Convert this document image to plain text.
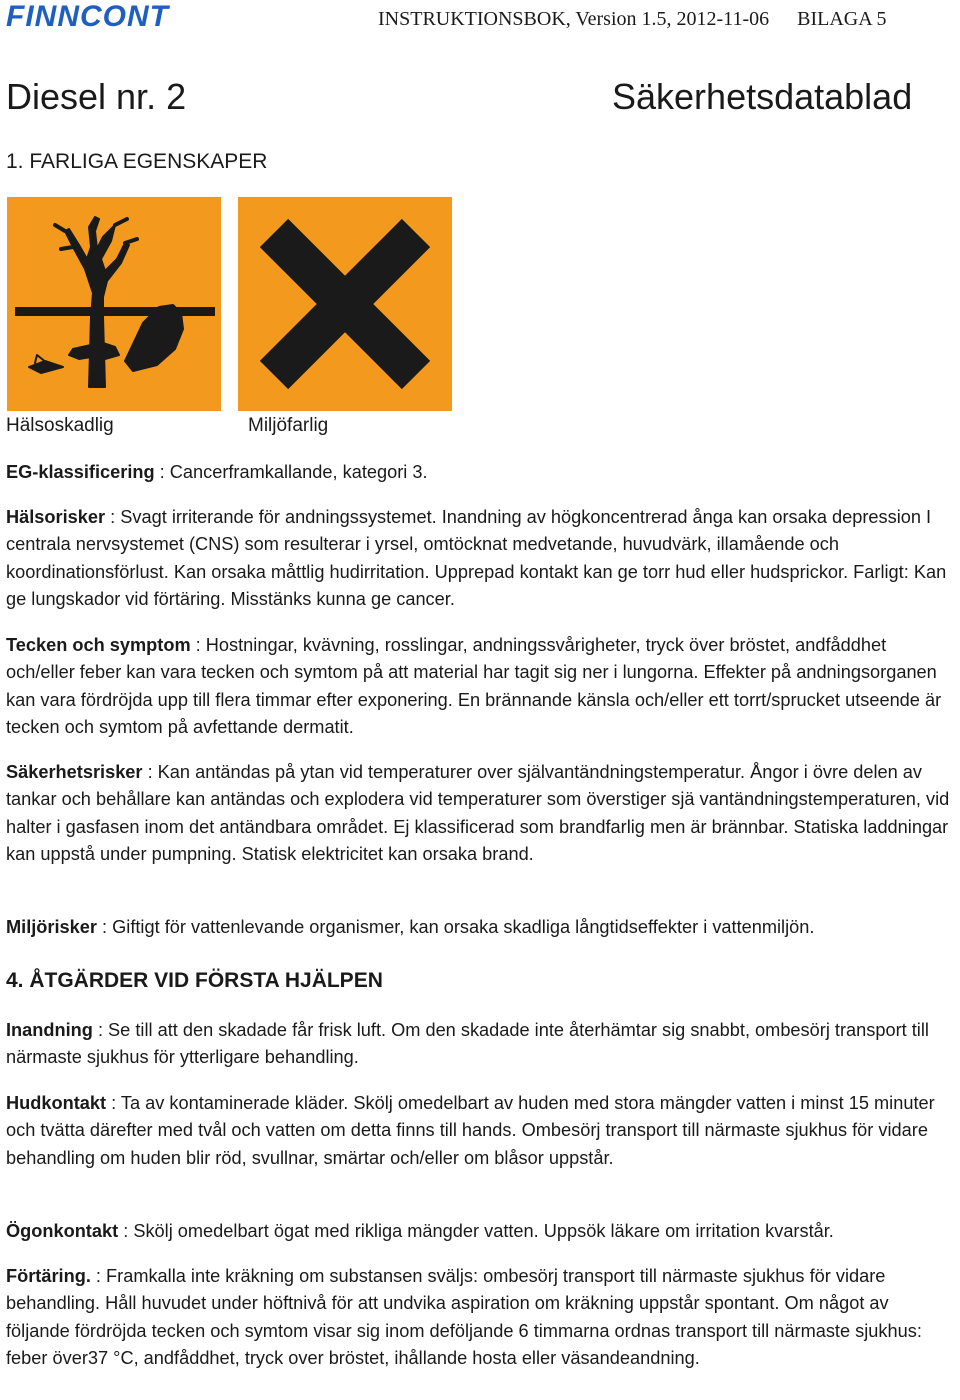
FINNCONT	INSTRUKTIONSBOK, Version 1.5, 2012-11-06 BILAGA 5
Diesel nr. 2	Säkerhetsdatablad
1. FARLIGA EGENSKAPER
Hälsoskadlig	Miljöfarlig
EG-klassificering : Cancerframkallande, kategori 3.
Hälsorisker : Svagt irriterande för andningssystemet. Inandning av högkoncentrerad ånga kan orsaka depression I centrala nervsystemet (CNS) som resulterar i yrsel, omtöcknat medvetande, huvudvärk, illamående och koordinationsförlust. Kan orsaka måttlig hudirritation. Upprepad kontakt kan ge torr hud eller hudsprickor. Farligt: Kan ge lungskador vid förtäring. Misstänks kunna ge cancer.
Tecken och symptom : Hostningar, kvävning, rosslingar, andningssvårigheter, tryck över bröstet, andfåddhet och/eller feber kan vara tecken och symtom på att material har tagit sig ner i lungorna. Effekter på andningsorganen kan vara fördröjda upp till flera timmar efter exponering. En brännande känsla och/eller ett torrt/sprucket utseende är tecken och symtom på avfettande dermatit.
Säkerhetsrisker : Kan antändas på ytan vid temperaturer over självantändningstemperatur. Ångor i övre delen av tankar och behållare kan antändas och explodera vid temperaturer som överstiger sjä vantändningstemperaturen, vid halter i gasfasen inom det antändbara området. Ej klassificerad som brandfarlig men är brännbar. Statiska laddningar kan uppstå under pumpning. Statisk elektricitet kan orsaka brand.
Miljörisker : Giftigt för vattenlevande organismer, kan orsaka skadliga långtidseffekter i vattenmiljön.
4. ÅTGÄRDER VID FÖRSTA HJÄLPEN
Inandning : Se till att den skadade får frisk luft. Om den skadade inte återhämtar sig snabbt, ombesörj transport till närmaste sjukhus för ytterligare behandling.
Hudkontakt : Ta av kontaminerade kläder. Skölj omedelbart av huden med stora mängder vatten i minst 15 minuter och tvätta därefter med tvål och vatten om detta finns till hands. Ombesörj transport till närmaste sjukhus för vidare behandling om huden blir röd, svullnar, smärtar och/eller om blåsor uppstår.
Ögonkontakt : Skölj omedelbart ögat med rikliga mängder vatten. Uppsök läkare om irritation kvarstår.
Förtäring. : Framkalla inte kräkning om substansen sväljs: ombesörj transport till närmaste sjukhus för vidare behandling. Håll huvudet under höftnivå för att undvika aspiration om kräkning uppstår spontant. Om något av följande fördröjda tecken och symtom visar sig inom deföljande 6 timmarna ordnas transport till närmaste sjukhus: feber över37 °C, andfåddhet, tryck over bröstet, ihållande hosta eller väsandeandning.
